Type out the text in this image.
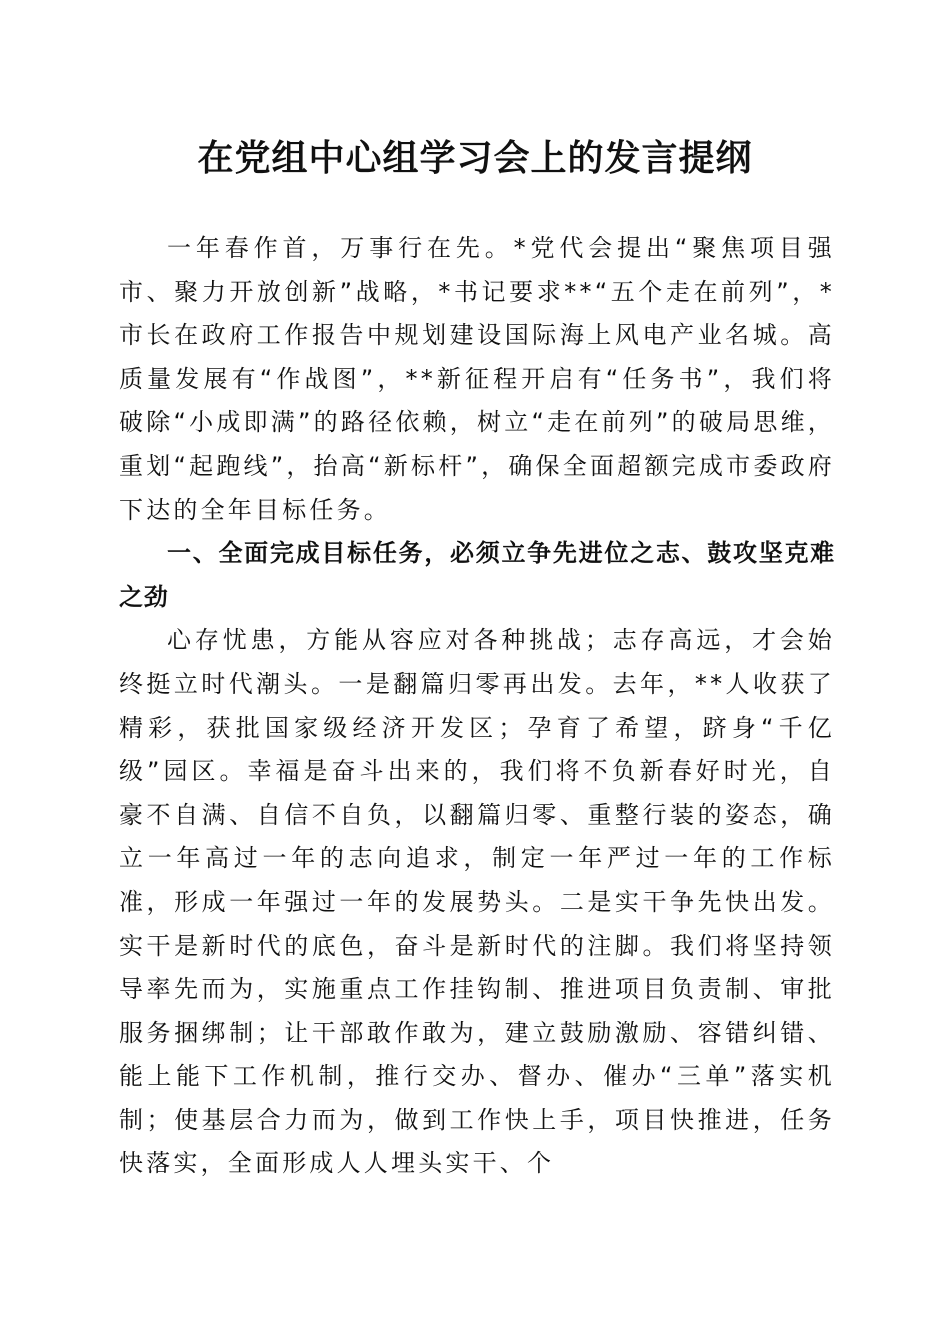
在党组中心组学习会上的发言提纲

一年春作首，万事行在先。*党代会提出“聚焦项目强市、聚力开放创新”战略，*书记要求**“五个走在前列”，*市长在政府工作报告中规划建设国际海上风电产业名城。高质量发展有“作战图”，**新征程开启有“任务书”，我们将破除“小成即满”的路径依赖，树立“走在前列”的破局思维，重划“起跑线”，抬高“新标杆”，确保全面超额完成市委政府下达的全年目标任务。

一、全面完成目标任务，必须立争先进位之志、鼓攻坚克难之劲

心存忧患，方能从容应对各种挑战；志存高远，才会始终挺立时代潮头。一是翻篇归零再出发。去年，**人收获了精彩，获批国家级经济开发区；孕育了希望，跻身“千亿级”园区。幸福是奋斗出来的，我们将不负新春好时光，自豪不自满、自信不自负，以翻篇归零、重整行装的姿态，确立一年高过一年的志向追求，制定一年严过一年的工作标准，形成一年强过一年的发展势头。二是实干争先快出发。实干是新时代的底色，奋斗是新时代的注脚。我们将坚持领导率先而为，实施重点工作挂钩制、推进项目负责制、审批服务捆绑制；让干部敢作敢为，建立鼓励激励、容错纠错、能上能下工作机制，推行交办、督办、催办“三单”落实机制；使基层合力而为，做到工作快上手，项目快推进，任务快落实，全面形成人人埋头实干、个
